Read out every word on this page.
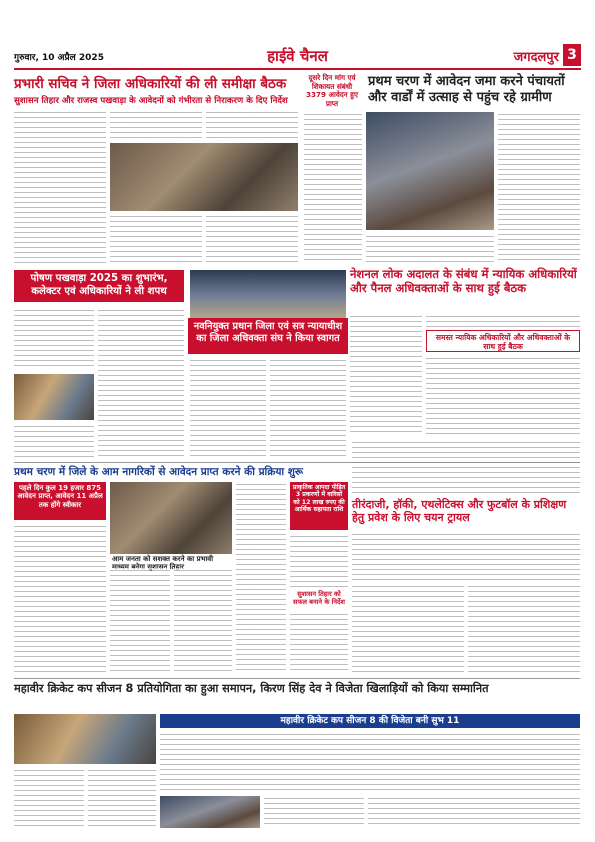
गुरुवार, 10 अप्रैल 2025	हाईवे चैनल	जगदलपुर 3
प्रभारी सचिव ने जिला अधिकारियों की ली समीक्षा बैठक
सुशासन तिहार और राजस्व पखवाड़ा के आवेदनों को गंभीरता से निराकरण के दिए निर्देश
दूसरे दिन मांग एवं शिकायत संबंधी 3379 आवेदन हुए प्राप्त
प्रथम चरण में आवेदन जमा करने पंचायतों और वार्डों में उत्साह से पहुंच रहे ग्रामीण
पोषण पखवाड़ा 2025 का शुभारंभ, कलेक्टर एवं अधिकारियों ने ली शपथ
नेशनल लोक अदालत के संबंध में न्यायिक अधिकारियों और पैनल अधिवक्ताओं के साथ हुई बैठक
समस्त न्यायिक अधिकारियों और अधिवक्ताओं के साथ हुई बैठक
नवनियुक्त प्रधान जिला एवं सत्र न्यायाधीश का जिला अधिवक्ता संघ ने किया स्वागत
प्रथम चरण में जिले के आम नागरिकों से आवेदन प्राप्त करने की प्रक्रिया शुरू
पहले दिन कुल 19 हजार 875 आवेदन प्राप्त, आवेदन 11 अप्रैल तक होंगे स्वीकार
आम जनता को सशक्त करने का प्रभावी
प्राकृतिक आपदा पीड़ित 3 प्रकरणों में वारिसों को 12 लाख रुपए की आर्थिक सहायता राशि
सुशासन तिहार को सफल बनाने के निर्देश
तीरंदाजी, हॉकी, एथलेटिक्स और फुटबॉल के प्रशिक्षण हेतु प्रवेश के लिए चयन ट्रायल
महावीर क्रिकेट कप सीजन 8 प्रतियोगिता का हुआ समापन, किरण सिंह देव ने विजेता खिलाड़ियों को किया सम्मानित
महावीर क्रिकेट कप सीजन 8 की विजेता बनी सुभ 11
